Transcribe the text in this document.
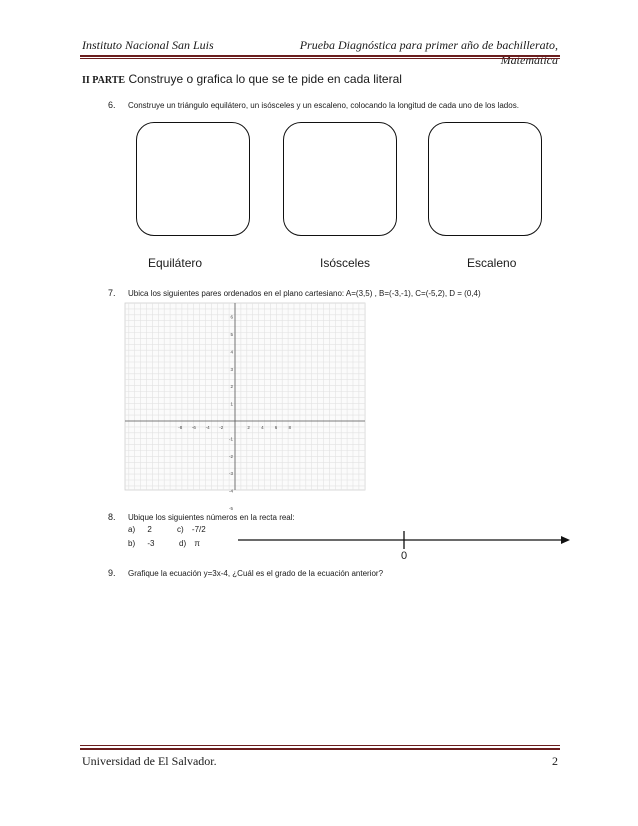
Instituto Nacional San Luis	Prueba Diagnóstica para primer año de bachillerato, Matemática
II PARTE Construye o grafica lo que se te pide en cada literal
6. Construye un triángulo equilátero, un isósceles y un escaleno, colocando la longitud de cada uno de los lados.
Equilátero	Isósceles	Escaleno
7. Ubica los siguientes pares ordenados en el plano cartesiano: A=(3,5) , B=(-3,-1), C=(-5,2), D = (0,4)
-8 -6 -4 -2	2 4 6 8
6
5
4
3
2
1
-1
-2
-3
-4
-5
8. Ubique los siguientes números en la recta real:
a) 2	c) -7/2
b) -3	d) π
0
9. Grafique la ecuación y=3x-4, ¿Cuál es el grado de la ecuación anterior?
Universidad de El Salvador.	2
